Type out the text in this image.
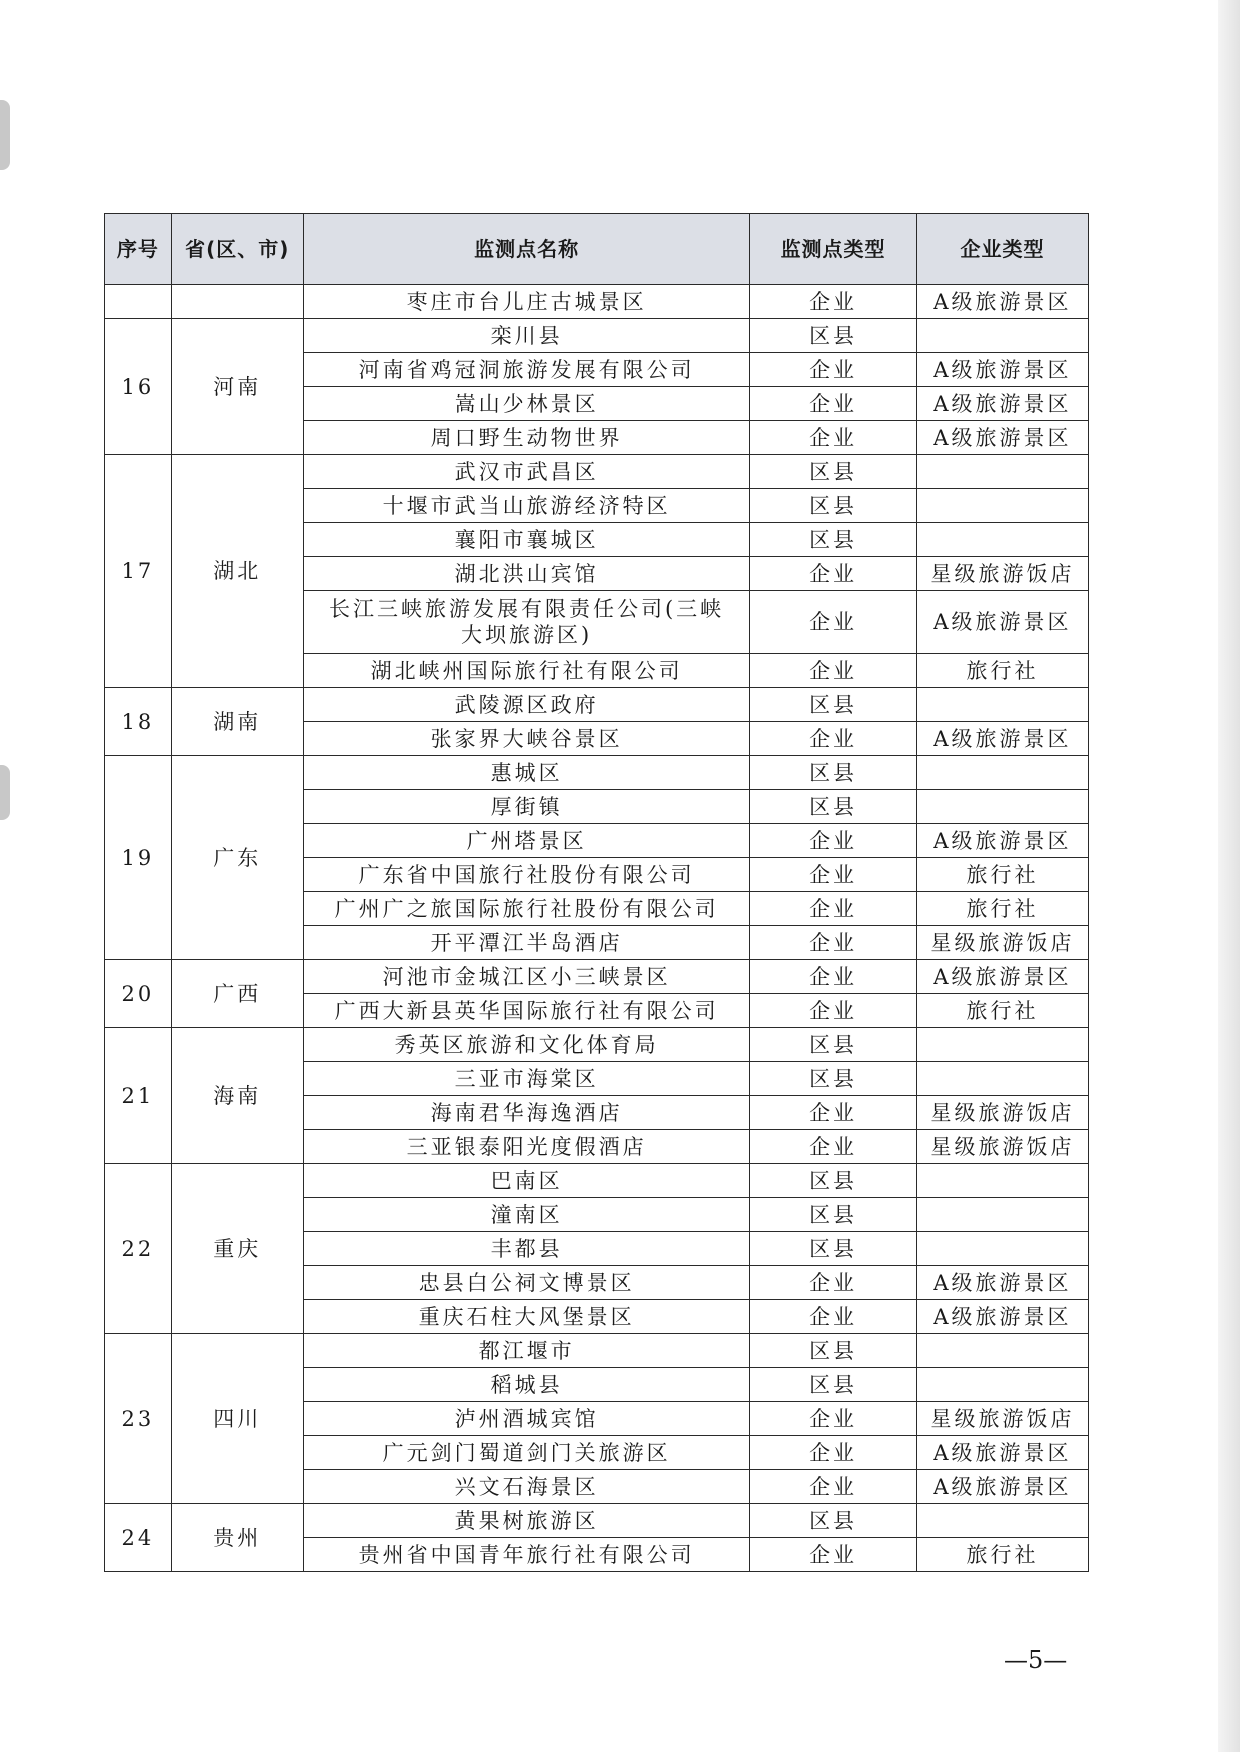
序号	省(区、市)	监测点名称	监测点类型	企业类型
		枣庄市台儿庄古城景区	企业	A级旅游景区
16	河南	栾川县	区县	
		河南省鸡冠洞旅游发展有限公司	企业	A级旅游景区
		嵩山少林景区	企业	A级旅游景区
		周口野生动物世界	企业	A级旅游景区
17	湖北	武汉市武昌区	区县	
		十堰市武当山旅游经济特区	区县	
		襄阳市襄城区	区县	
		湖北洪山宾馆	企业	星级旅游饭店
		长江三峡旅游发展有限责任公司(三峡大坝旅游区)	企业	A级旅游景区
		湖北峡州国际旅行社有限公司	企业	旅行社
18	湖南	武陵源区政府	区县	
		张家界大峡谷景区	企业	A级旅游景区
19	广东	惠城区	区县	
		厚街镇	区县	
		广州塔景区	企业	A级旅游景区
		广东省中国旅行社股份有限公司	企业	旅行社
		广州广之旅国际旅行社股份有限公司	企业	旅行社
		开平潭江半岛酒店	企业	星级旅游饭店
20	广西	河池市金城江区小三峡景区	企业	A级旅游景区
		广西大新县英华国际旅行社有限公司	企业	旅行社
21	海南	秀英区旅游和文化体育局	区县	
		三亚市海棠区	区县	
		海南君华海逸酒店	企业	星级旅游饭店
		三亚银泰阳光度假酒店	企业	星级旅游饭店
22	重庆	巴南区	区县	
		潼南区	区县	
		丰都县	区县	
		忠县白公祠文博景区	企业	A级旅游景区
		重庆石柱大风堡景区	企业	A级旅游景区
23	四川	都江堰市	区县	
		稻城县	区县	
		泸州酒城宾馆	企业	星级旅游饭店
		广元剑门蜀道剑门关旅游区	企业	A级旅游景区
		兴文石海景区	企业	A级旅游景区
24	贵州	黄果树旅游区	区县	
		贵州省中国青年旅行社有限公司	企业	旅行社
—5—
